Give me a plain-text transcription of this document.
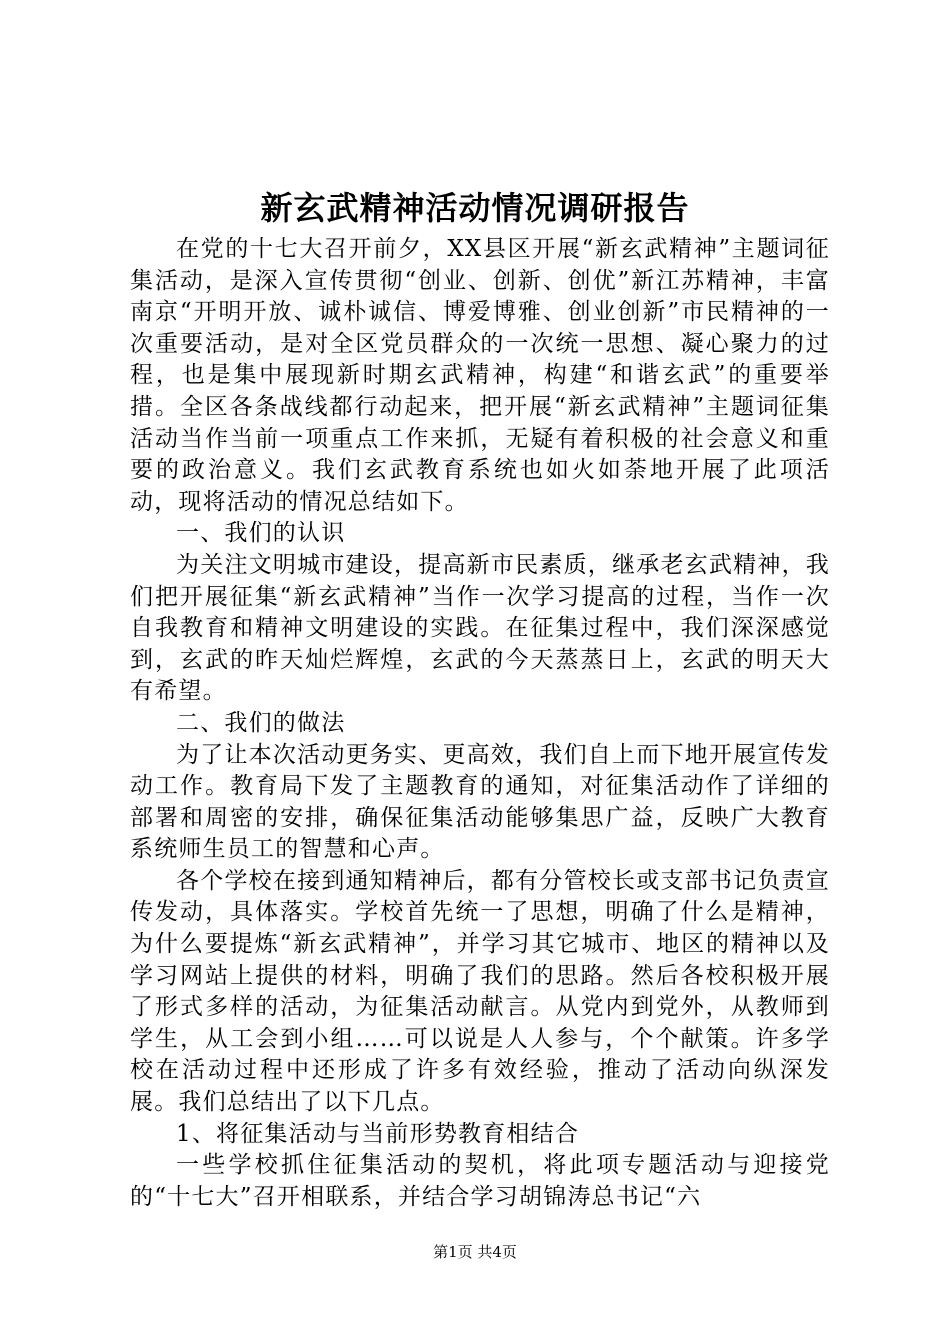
新玄武精神活动情况调研报告

在党的十七大召开前夕，XX县区开展“新玄武精神”主题词征集活动，是深入宣传贯彻“创业、创新、创优”新江苏精神，丰富南京“开明开放、诚朴诚信、博爱博雅、创业创新”市民精神的一次重要活动，是对全区党员群众的一次统一思想、凝心聚力的过程，也是集中展现新时期玄武精神，构建“和谐玄武”的重要举措。全区各条战线都行动起来，把开展“新玄武精神”主题词征集活动当作当前一项重点工作来抓，无疑有着积极的社会意义和重要的政治意义。我们玄武教育系统也如火如荼地开展了此项活动，现将活动的情况总结如下。

一、我们的认识

为关注文明城市建设，提高新市民素质，继承老玄武精神，我们把开展征集“新玄武精神”当作一次学习提高的过程，当作一次自我教育和精神文明建设的实践。在征集过程中，我们深深感觉到，玄武的昨天灿烂辉煌，玄武的今天蒸蒸日上，玄武的明天大有希望。

二、我们的做法

为了让本次活动更务实、更高效，我们自上而下地开展宣传发动工作。教育局下发了主题教育的通知，对征集活动作了详细的部署和周密的安排，确保征集活动能够集思广益，反映广大教育系统师生员工的智慧和心声。

各个学校在接到通知精神后，都有分管校长或支部书记负责宣传发动，具体落实。学校首先统一了思想，明确了什么是精神，为什么要提炼“新玄武精神”，并学习其它城市、地区的精神以及学习网站上提供的材料，明确了我们的思路。然后各校积极开展了形式多样的活动，为征集活动献言。从党内到党外，从教师到学生，从工会到小组……可以说是人人参与，个个献策。许多学校在活动过程中还形成了许多有效经验，推动了活动向纵深发展。我们总结出了以下几点。

1、将征集活动与当前形势教育相结合

一些学校抓住征集活动的契机，将此项专题活动与迎接党的“十七大”召开相联系，并结合学习胡锦涛总书记“六

第1页 共4页
